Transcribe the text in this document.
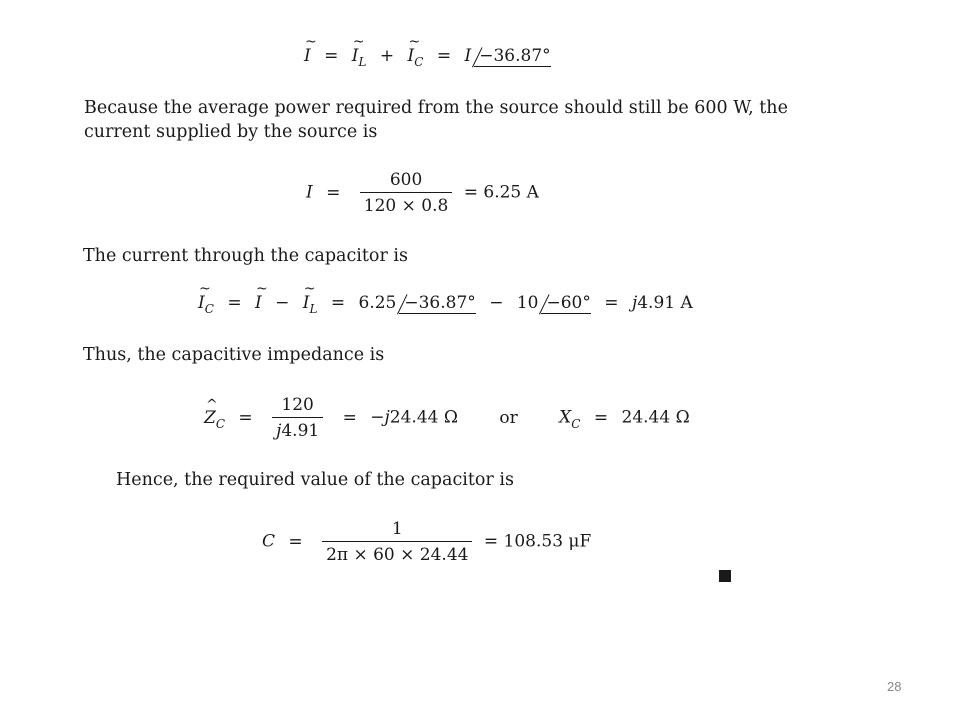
~ I = ~ $I_L$ + ~ $I_C = I -36.87^\circ$
Because the average power required from the source should still be 600 W, the
current supplied by the source is
$I = \frac{600}{120 \times 0.8} = 6.25$ A
The current through the capacitor is
~ $I_C$ = ~ I − ~ $I_L = 6.25 -36.87^\circ - 10 -60^\circ = j4.91$ A
Thus, the capacitive impedance is
^ $Z_C = \frac{120}{j4.91} = -j24.44$ Ω or $X_C = 24.44$ Ω
Hence, the required value of the capacitor is
$C = \frac{1}{2\pi \times 60 \times 24.44} = 108.53$ μF
28
